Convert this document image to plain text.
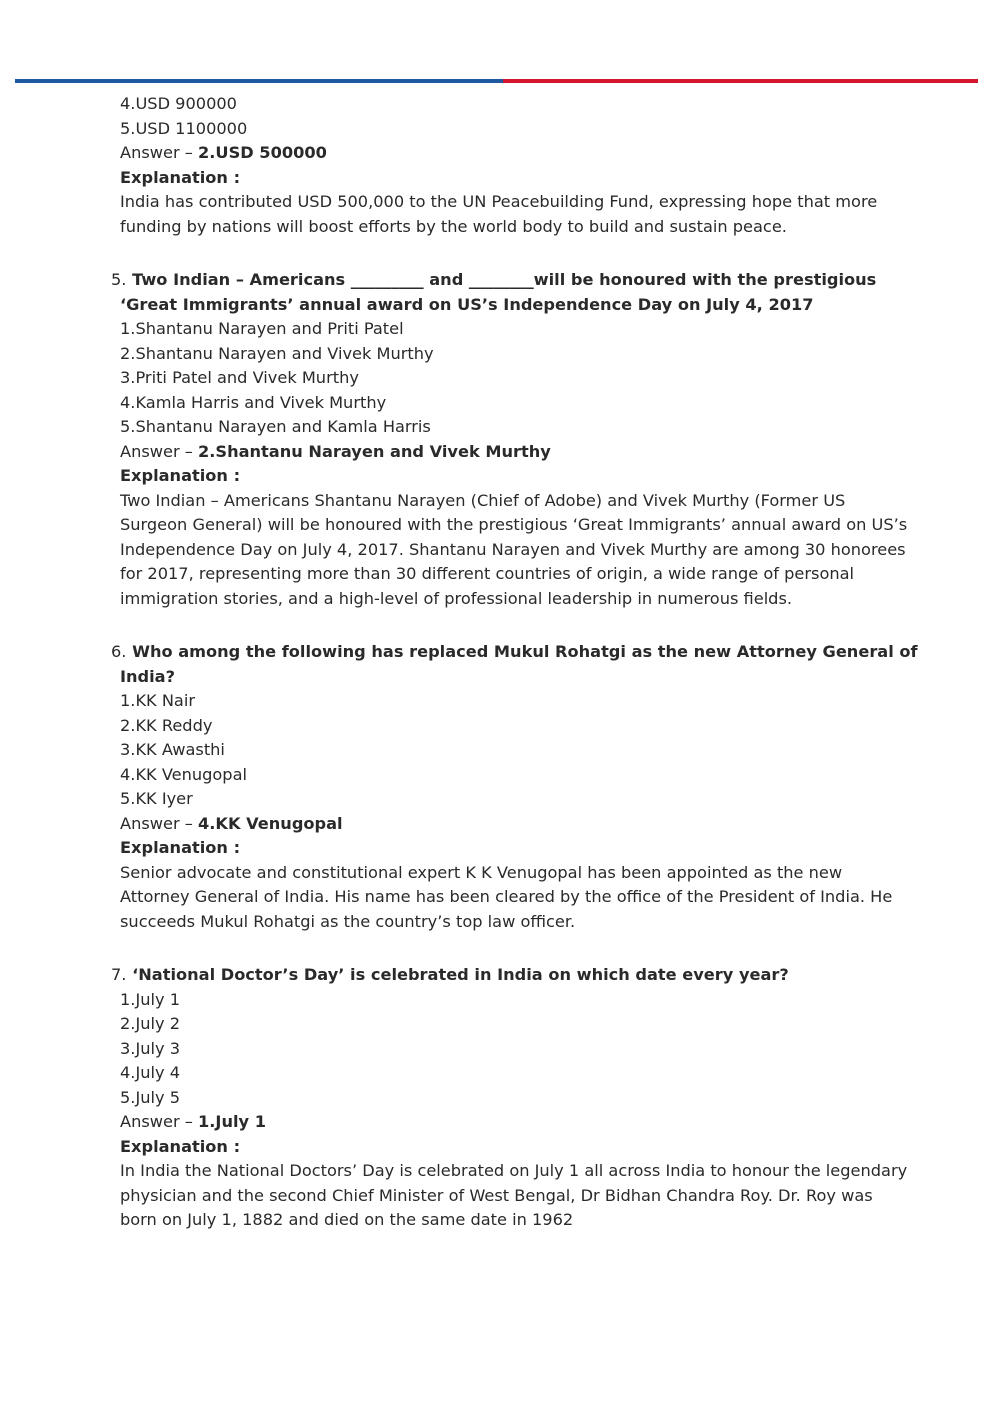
4.USD 900000
5.USD 1100000
Answer – 2.USD 500000
Explanation :
India has contributed USD 500,000 to the UN Peacebuilding Fund, expressing hope that more funding by nations will boost efforts by the world body to build and sustain peace.
5. Two Indian – Americans _________ and ________will be honoured with the prestigious ‘Great Immigrants’ annual award on US’s Independence Day on July 4, 2017
1.Shantanu Narayen and Priti Patel
2.Shantanu Narayen and Vivek Murthy
3.Priti Patel and Vivek Murthy
4.Kamla Harris and Vivek Murthy
5.Shantanu Narayen and Kamla Harris
Answer – 2.Shantanu Narayen and Vivek Murthy
Explanation :
Two Indian – Americans Shantanu Narayen (Chief of Adobe) and Vivek Murthy (Former US Surgeon General) will be honoured with the prestigious ‘Great Immigrants’ annual award on US’s Independence Day on July 4, 2017. Shantanu Narayen and Vivek Murthy are among 30 honorees for 2017, representing more than 30 different countries of origin, a wide range of personal immigration stories, and a high-level of professional leadership in numerous fields.
6. Who among the following has replaced Mukul Rohatgi as the new Attorney General of India?
1.KK Nair
2.KK Reddy
3.KK Awasthi
4.KK Venugopal
5.KK Iyer
Answer – 4.KK Venugopal
Explanation :
Senior advocate and constitutional expert K K Venugopal has been appointed as the new Attorney General of India. His name has been cleared by the office of the President of India. He succeeds Mukul Rohatgi as the country’s top law officer.
7. ‘National Doctor’s Day’ is celebrated in India on which date every year?
1.July 1
2.July 2
3.July 3
4.July 4
5.July 5
Answer – 1.July 1
Explanation :
In India the National Doctors’ Day is celebrated on July 1 all across India to honour the legendary physician and the second Chief Minister of West Bengal, Dr Bidhan Chandra Roy. Dr. Roy was born on July 1, 1882 and died on the same date in 1962
